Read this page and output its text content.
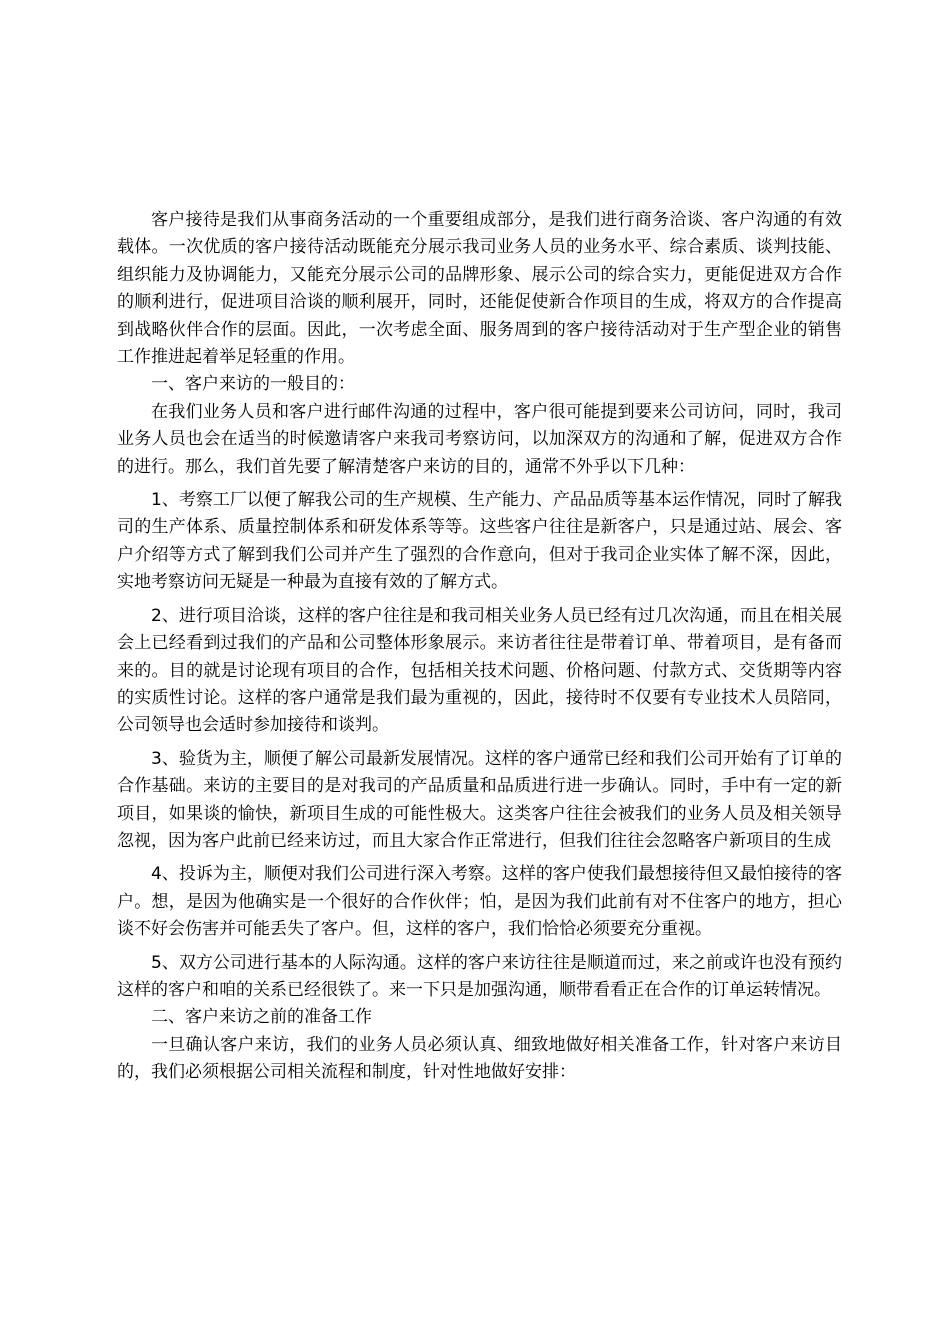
客户接待是我们从事商务活动的一个重要组成部分，是我们进行商务洽谈、客户沟通的有效载体。一次优质的客户接待活动既能充分展示我司业务人员的业务水平、综合素质、谈判技能、组织能力及协调能力，又能充分展示公司的品牌形象、展示公司的综合实力，更能促进双方合作的顺利进行，促进项目洽谈的顺利展开，同时，还能促使新合作项目的生成，将双方的合作提高到战略伙伴合作的层面。因此，一次考虑全面、服务周到的客户接待活动对于生产型企业的销售工作推进起着举足轻重的作用。

一、客户来访的一般目的：

在我们业务人员和客户进行邮件沟通的过程中，客户很可能提到要来公司访问，同时，我司业务人员也会在适当的时候邀请客户来我司考察访问，以加深双方的沟通和了解，促进双方合作的进行。那么，我们首先要了解清楚客户来访的目的，通常不外乎以下几种：

1、考察工厂以便了解我公司的生产规模、生产能力、产品品质等基本运作情况，同时了解我司的生产体系、质量控制体系和研发体系等等。这些客户往往是新客户，只是通过站、展会、客户介绍等方式了解到我们公司并产生了强烈的合作意向，但对于我司企业实体了解不深，因此，实地考察访问无疑是一种最为直接有效的了解方式。

2、进行项目洽谈，这样的客户往往是和我司相关业务人员已经有过几次沟通，而且在相关展会上已经看到过我们的产品和公司整体形象展示。来访者往往是带着订单、带着项目，是有备而来的。目的就是讨论现有项目的合作，包括相关技术问题、价格问题、付款方式、交货期等内容的实质性讨论。这样的客户通常是我们最为重视的，因此，接待时不仅要有专业技术人员陪同，公司领导也会适时参加接待和谈判。

3、验货为主，顺便了解公司最新发展情况。这样的客户通常已经和我们公司开始有了订单的合作基础。来访的主要目的是对我司的产品质量和品质进行进一步确认。同时，手中有一定的新项目，如果谈的愉快，新项目生成的可能性极大。这类客户往往会被我们的业务人员及相关领导忽视，因为客户此前已经来访过，而且大家合作正常进行，但我们往往会忽略客户新项目的生成

4、投诉为主，顺便对我们公司进行深入考察。这样的客户使我们最想接待但又最怕接待的客户。想，是因为他确实是一个很好的合作伙伴；怕，是因为我们此前有对不住客户的地方，担心谈不好会伤害并可能丢失了客户。但，这样的客户，我们恰恰必须要充分重视。

5、双方公司进行基本的人际沟通。这样的客户来访往往是顺道而过，来之前或许也没有预约这样的客户和咱的关系已经很铁了。来一下只是加强沟通，顺带看看正在合作的订单运转情况。

二、客户来访之前的准备工作

一旦确认客户来访，我们的业务人员必须认真、细致地做好相关准备工作，针对客户来访目的，我们必须根据公司相关流程和制度，针对性地做好安排：
